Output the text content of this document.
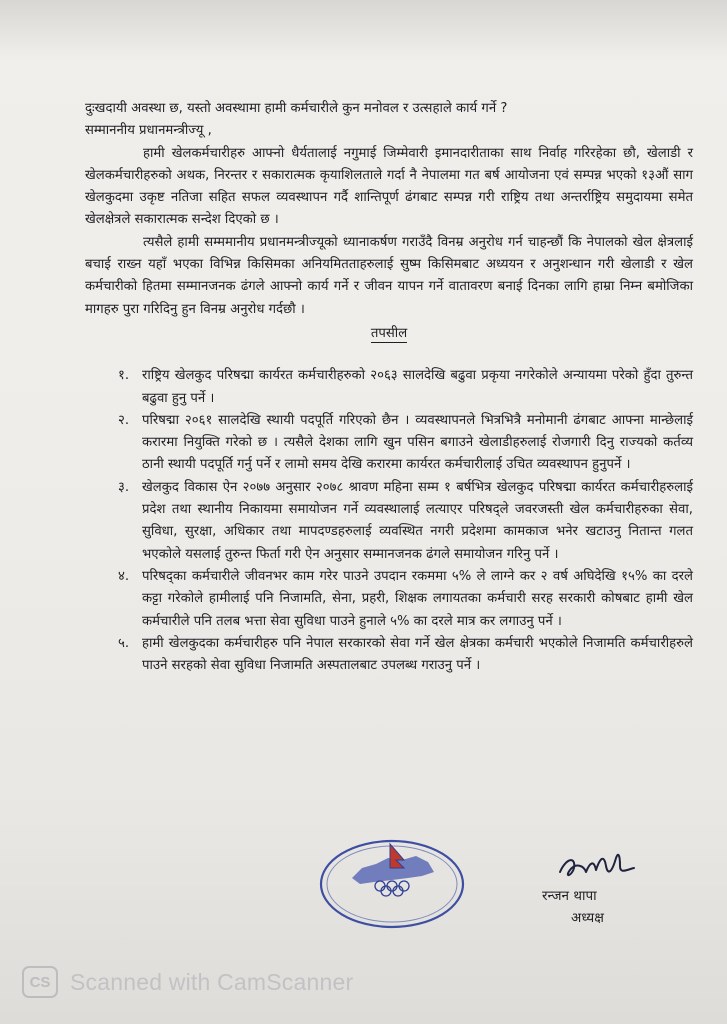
दुःखदायी अवस्था छ, यस्तो अवस्थामा हामी कर्मचारीले कुन मनोवल र उत्सहाले कार्य गर्ने ?

सम्माननीय प्रधानमन्त्रीज्यू ,

हामी खेलकर्मचारीहरु आफ्नो धैर्यतालाई नगुमाई जिम्मेवारी इमानदारीताका साथ निर्वाह गरिरहेका छौ, खेलाडी र खेलकर्मचारीहरुको अथक, निरन्तर र सकारात्मक कृयाशिलताले गर्दा नै नेपालमा गत बर्ष आयोजना एवं सम्पन्न भएको १३औं साग खेलकुदमा उकृष्ट नतिजा सहित सफल व्यवस्थापन गर्दै शान्तिपूर्ण ढंगबाट सम्पन्न गरी राष्ट्रिय तथा अन्तर्राष्ट्रिय समुदायमा समेत खेलक्षेत्रले सकारात्मक सन्देश दिएको छ ।

त्यसैले हामी सम्ममानीय प्रधानमन्त्रीज्यूको ध्यानाकर्षण गराउँदै विनम्र अनुरोध गर्न चाहन्छौं कि नेपालको खेल क्षेत्रलाई बचाई राख्न यहाँ भएका विभिन्न किसिमका अनियमितताहरुलाई सुष्म किसिमबाट अध्ययन र अनुशन्धान गरी खेलाडी र खेल कर्मचारीको हितमा सम्मानजनक ढंगले आफ्नो कार्य गर्ने र जीवन यापन गर्ने वातावरण बनाई दिनका लागि हाम्रा निम्न बमोजिका मागहरु पुरा गरिदिनु हुन विनम्र अनुरोध गर्दछौ ।

तपसील
१. राष्ट्रिय खेलकुद परिषद्मा कार्यरत कर्मचारीहरुको २०६३ सालदेखि बढुवा प्रकृया नगरेकोले अन्यायमा परेको हुँदा तुरुन्त बढुवा हुनु पर्ने ।
२. परिषद्मा २०६१ सालदेखि स्थायी पदपूर्ति गरिएको छैन । व्यवस्थापनले भित्रभित्रै मनोमानी ढंगबाट आफ्ना मान्छेलाई करारमा नियुक्ति गरेको छ । त्यसैले देशका लागि खुन पसिन बगाउने खेलाडीहरुलाई रोजगारी दिनु राज्यको कर्तव्य ठानी स्थायी पदपूर्ति गर्नु पर्ने र लामो समय देखि करारमा कार्यरत कर्मचारीलाई उचित व्यवस्थापन हुनुपर्ने ।
३. खेलकुद विकास ऐन २०७७ अनुसार २०७८ श्रावण महिना सम्म १ बर्षभित्र खेलकुद परिषद्मा कार्यरत कर्मचारीहरुलाई प्रदेश तथा स्थानीय निकायमा समायोजन गर्ने व्यवस्थालाई लत्याएर परिषद्ले जवरजस्ती खेल कर्मचारीहरुका सेवा, सुविधा, सुरक्षा, अधिकार तथा मापदण्डहरुलाई व्यवस्थित नगरी प्रदेशमा कामकाज भनेर खटाउनु नितान्त गलत भएकोले यसलाई तुरुन्त फिर्ता गरी ऐन अनुसार सम्मानजनक ढंगले समायोजन गरिनु पर्ने ।
४. परिषद्का कर्मचारीले जीवनभर काम गरेर पाउने उपदान रकममा ५% ले लाग्ने कर २ वर्ष अघिदेखि १५% का दरले कट्टा गरेकोले हामीलाई पनि निजामति, सेना, प्रहरी, शिक्षक लगायतका कर्मचारी सरह सरकारी कोषबाट हामी खेल कर्मचारीले पनि तलब भत्ता सेवा सुविधा पाउने हुनाले ५% का दरले मात्र कर लगाउनु पर्ने ।
५. हामी खेलकुदका कर्मचारीहरु पनि नेपाल सरकारको सेवा गर्ने खेल क्षेत्रका कर्मचारी भएकोले निजामति कर्मचारीहरुले पाउने सरहको सेवा सुविधा निजामति अस्पतालबाट उपलब्ध गराउनु पर्ने ।
रन्जन थापा
अध्यक्ष
CS Scanned with CamScanner
